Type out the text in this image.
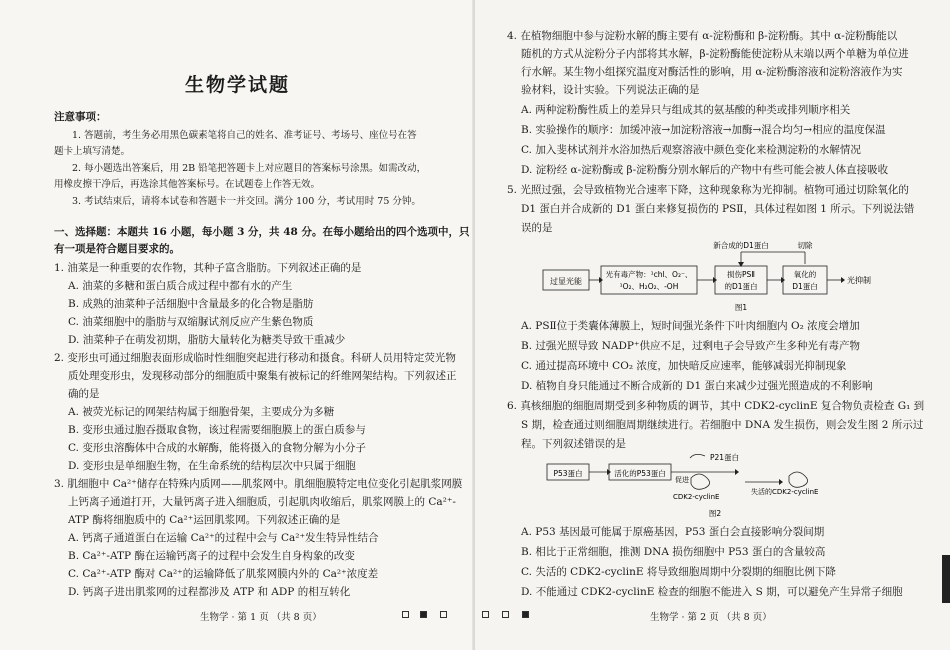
生物学试题
注意事项：
1. 答题前，考生务必用黑色碳素笔将自己的姓名、准考证号、考场号、座位号在答
题卡上填写清楚。
2. 每小题选出答案后，用 2B 铅笔把答题卡上对应题目的答案标号涂黑。如需改动，
用橡皮擦干净后，再选涂其他答案标号。在试题卷上作答无效。
3. 考试结束后，请将本试卷和答题卡一并交回。满分 100 分，考试用时 75 分钟。
一、选择题：本题共 16 小题，每小题 3 分，共 48 分。在每小题给出的四个选项中，只
有一项是符合题目要求的。
1. 油菜是一种重要的农作物，其种子富含脂肪。下列叙述正确的是
A. 油菜的多糖和蛋白质合成过程中都有水的产生
B. 成熟的油菜种子活细胞中含量最多的化合物是脂肪
C. 油菜细胞中的脂肪与双缩脲试剂反应产生紫色物质
D. 油菜种子在萌发初期，脂肪大量转化为糖类导致干重减少
2. 变形虫可通过细胞表面形成临时性细胞突起进行移动和摄食。科研人员用特定荧光物
质处理变形虫，发现移动部分的细胞质中聚集有被标记的纤维网架结构。下列叙述正
确的是
A. 被荧光标记的网架结构属于细胞骨架，主要成分为多糖
B. 变形虫通过胞吞摄取食物，该过程需要细胞膜上的蛋白质参与
C. 变形虫溶酶体中合成的水解酶，能将摄入的食物分解为小分子
D. 变形虫是单细胞生物，在生命系统的结构层次中只属于细胞
3. 肌细胞中 Ca²⁺储存在特殊内质网——肌浆网中。肌细胞膜特定电位变化引起肌浆网膜
上钙离子通道打开，大量钙离子进入细胞质，引起肌肉收缩后，肌浆网膜上的 Ca²⁺-
ATP 酶将细胞质中的 Ca²⁺运回肌浆网。下列叙述正确的是
A. 钙离子通道蛋白在运输 Ca²⁺的过程中会与 Ca²⁺发生特异性结合
B. Ca²⁺-ATP 酶在运输钙离子的过程中会发生自身构象的改变
C. Ca²⁺-ATP 酶对 Ca²⁺的运输降低了肌浆网膜内外的 Ca²⁺浓度差
D. 钙离子进出肌浆网的过程都涉及 ATP 和 ADP 的相互转化
生物学 · 第 1 页 （共 8 页）
4. 在植物细胞中参与淀粉水解的酶主要有 α-淀粉酶和 β-淀粉酶。其中 α-淀粉酶能以
随机的方式从淀粉分子内部将其水解，β-淀粉酶能使淀粉从末端以两个单糖为单位进
行水解。某生物小组探究温度对酶活性的影响，用 α-淀粉酶溶液和淀粉溶液作为实
验材料，设计实验。下列说法正确的是
A. 两种淀粉酶性质上的差异只与组成其的氨基酸的种类或排列顺序相关
B. 实验操作的顺序：加缓冲液→加淀粉溶液→加酶→混合均匀→相应的温度保温
C. 加入斐林试剂并水浴加热后观察溶液中颜色变化来检测淀粉的水解情况
D. 淀粉经 α-淀粉酶或 β-淀粉酶分别水解后的产物中有些可能会被人体直接吸收
5. 光照过强，会导致植物光合速率下降，这种现象称为光抑制。植物可通过切除氧化的
D1 蛋白并合成新的 D1 蛋白来修复损伤的 PSⅡ，具体过程如图 1 所示。下列说法错
误的是
过显光能
光有毒产物：¹chl、O₂⁻、
¹O₂、H₂O₂、-OH
损伤PSⅡ
的D1蛋白
氧化的
D1蛋白
新合成的D1蛋白	切除
光抑制
图1
A. PSⅡ位于类囊体薄膜上，短时间强光条件下叶肉细胞内 O₂ 浓度会增加
B. 过强光照导致 NADP⁺供应不足，过剩电子会导致产生多种光有毒产物
C. 通过提高环境中 CO₂ 浓度，加快暗反应速率，能够减弱光抑制现象
D. 植物自身只能通过不断合成新的 D1 蛋白来减少过强光照造成的不利影响
6. 真核细胞的细胞周期受到多种物质的调节，其中 CDK2-cyclinE 复合物负责检查 G₁ 到
S 期，检查通过则细胞周期继续进行。若细胞中 DNA 发生损伤，则会发生图 2 所示过
程。下列叙述错误的是
P53蛋白	活化的P53蛋白
促进
P21蛋白
CDK2-cyclinE
失活的CDK2-cyclinE
图2
A. P53 基因最可能属于原癌基因，P53 蛋白会直接影响分裂间期
B. 相比于正常细胞，推测 DNA 损伤细胞中 P53 蛋白的含量较高
C. 失活的 CDK2-cyclinE 将导致细胞周期中分裂期的细胞比例下降
D. 不能通过 CDK2-cyclinE 检查的细胞不能进入 S 期，可以避免产生异常子细胞
生物学 · 第 2 页 （共 8 页）
